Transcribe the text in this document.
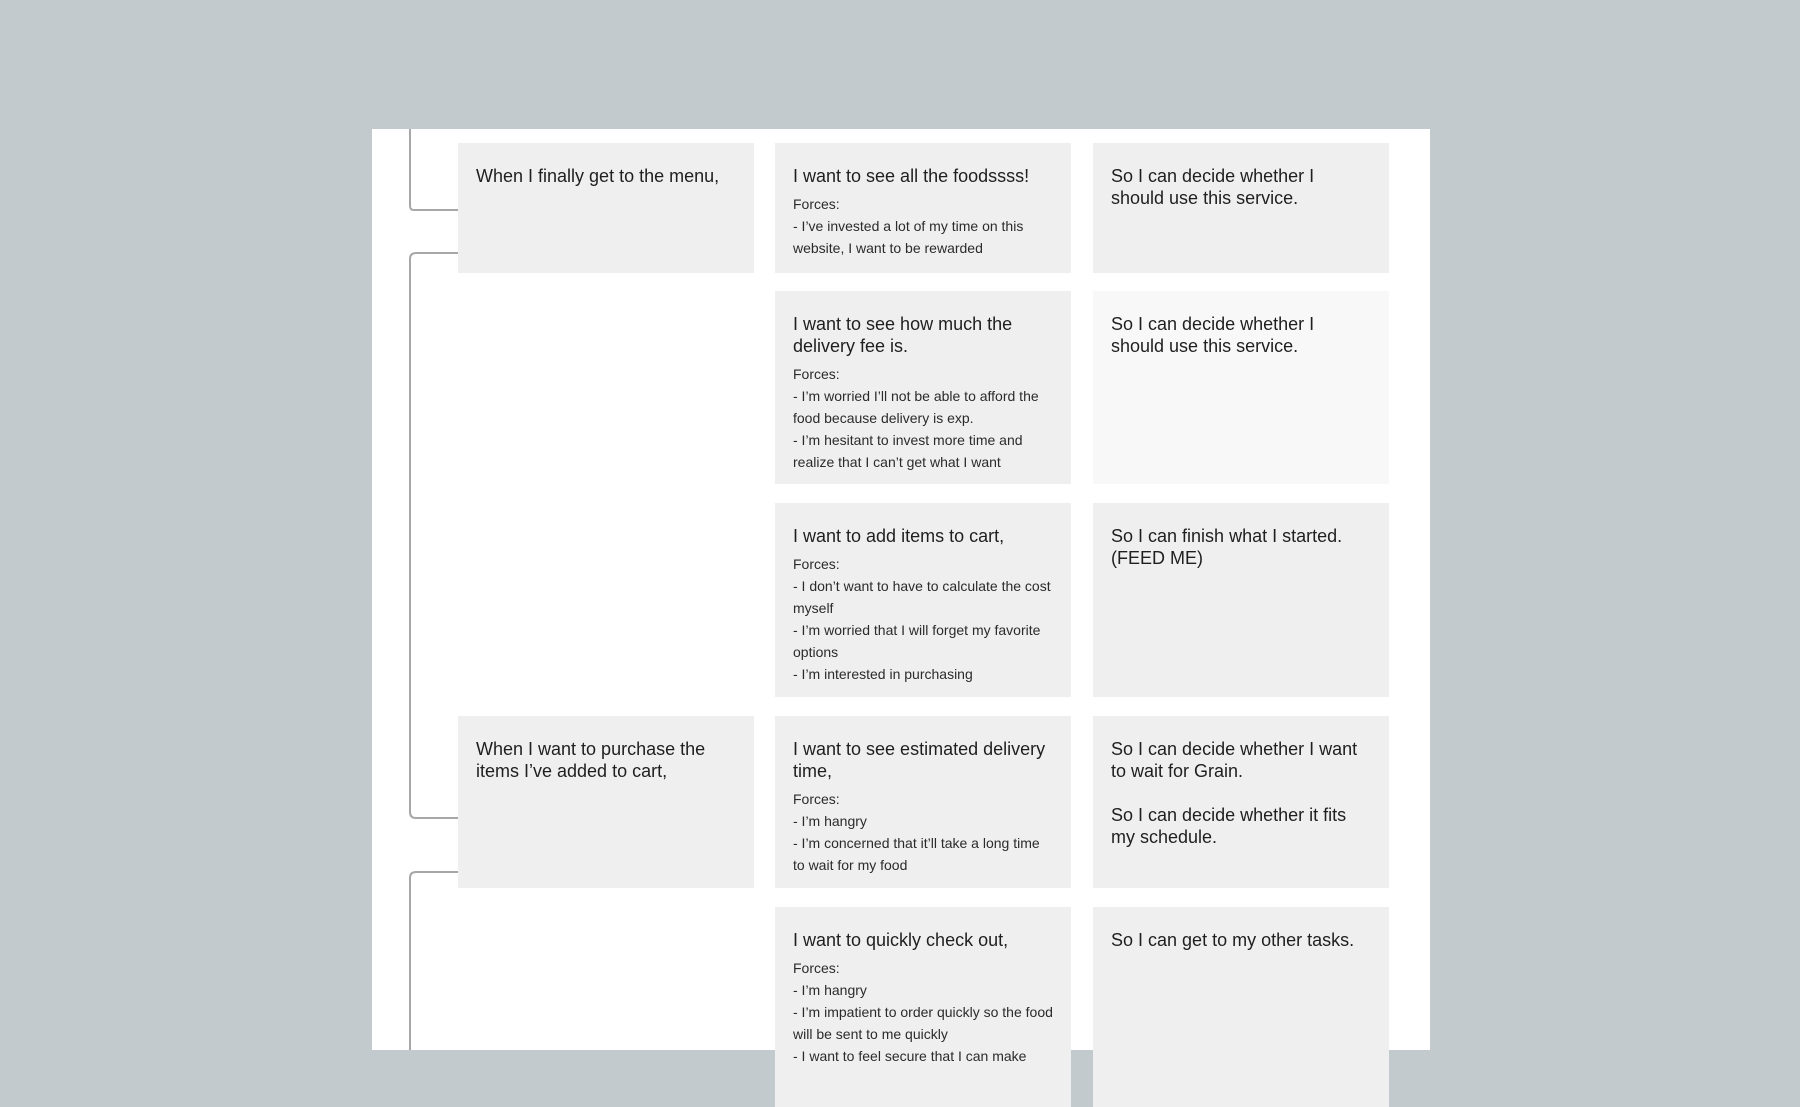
When I finally get to the menu,	I want to see all the foodssss!

Forces:
- I’ve invested a lot of my time on this website, I want to be rewarded

So I can decide whether I should use this service.

I want to see how much the delivery fee is.

Forces:
- I’m worried I’ll not be able to afford the food because delivery is exp.
- I’m hesitant to invest more time and realize that I can’t get what I want

So I can decide whether I should use this service.

I want to add items to cart,

Forces:
- I don’t want to have to calculate the cost myself
- I’m worried that I will forget my favorite options
- I’m interested in purchasing

So I can finish what I started. (FEED ME)

When I want to purchase the items I’ve added to cart,

I want to see estimated delivery time,

Forces:
- I’m hangry
- I’m concerned that it’ll take a long time to wait for my food

So I can decide whether I want to wait for Grain.

So I can decide whether it fits my schedule.

I want to quickly check out,

Forces:
- I’m hangry
- I’m impatient to order quickly so the food will be sent to me quickly
- I want to feel secure that I can make

So I can get to my other tasks.
